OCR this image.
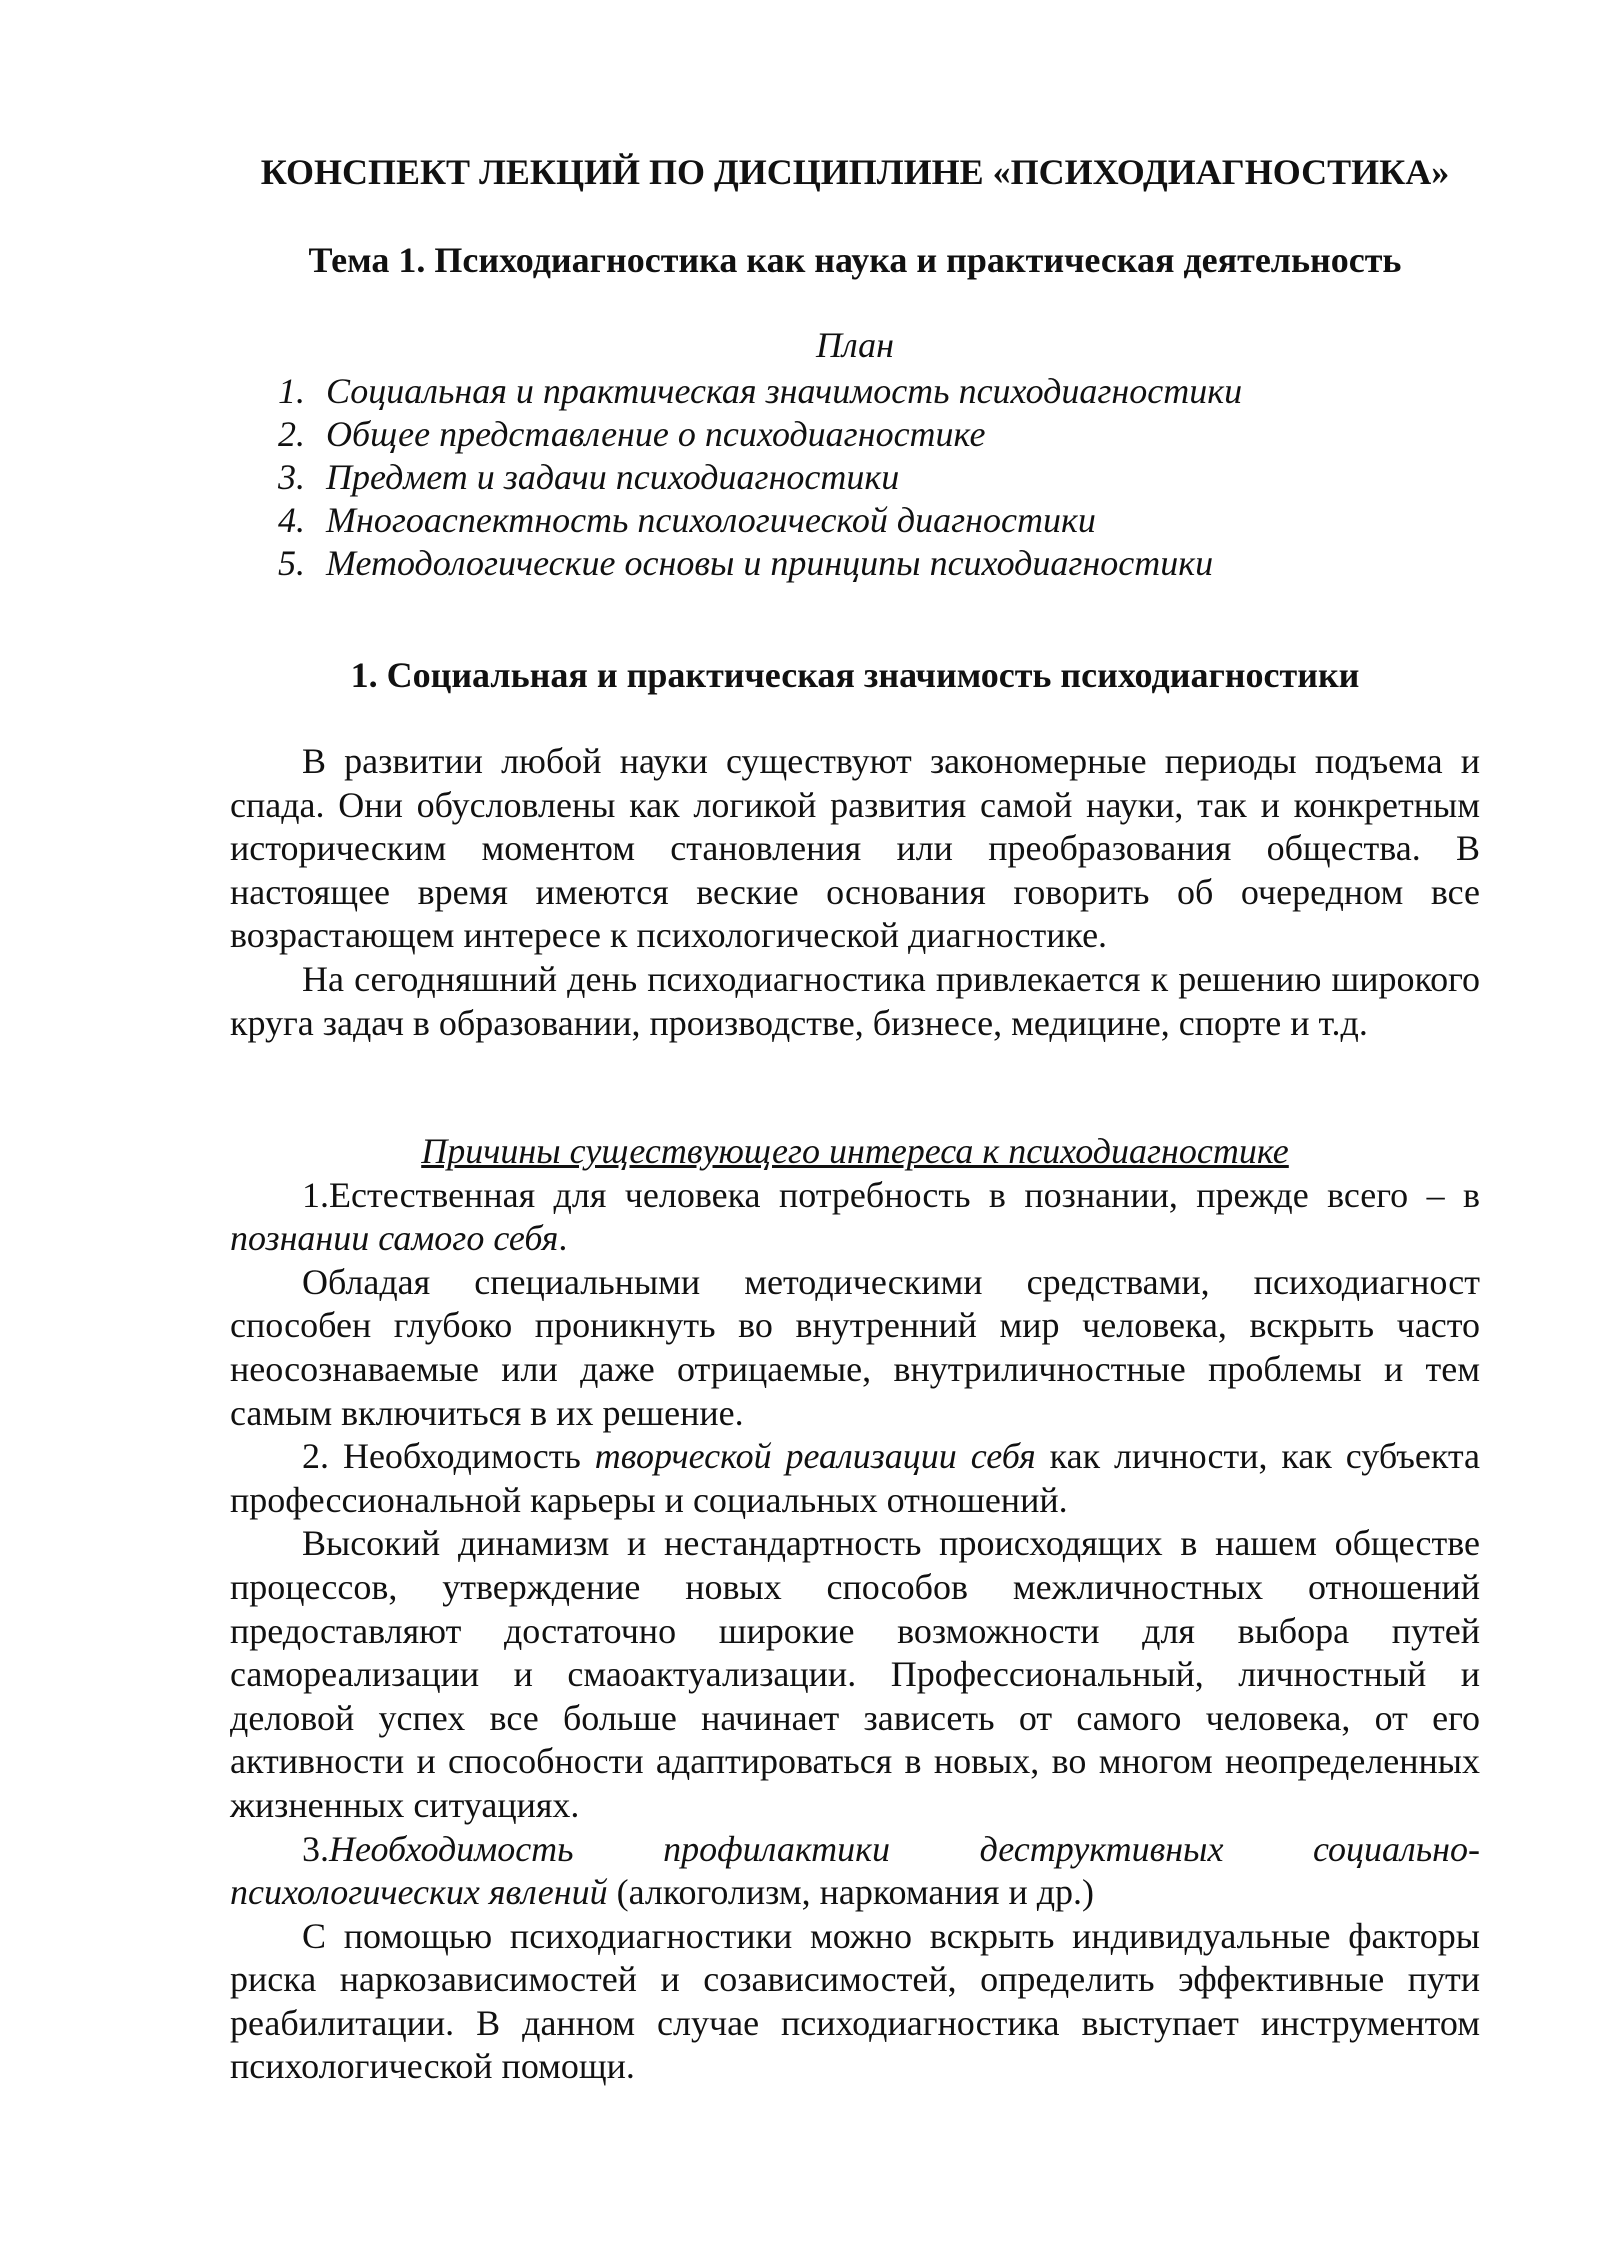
КОНСПЕКТ ЛЕКЦИЙ ПО ДИСЦИПЛИНЕ «ПСИХОДИАГНОСТИКА»
Тема 1. Психодиагностика как наука и практическая деятельность
План
1. Социальная и практическая значимость психодиагностики
2. Общее представление о психодиагностике
3. Предмет и задачи психодиагностики
4. Многоаспектность психологической диагностики
5. Методологические основы и принципы психодиагностики
1. Социальная и практическая значимость психодиагностики

В развитии любой науки существуют закономерные периоды подъема и спада. Они обусловлены как логикой развития самой науки, так и конкретным историческим моментом становления или преобразования общества. В настоящее время имеются веские основания говорить об очередном все возрастающем интересе к психологической диагностике.

На сегодняшний день психодиагностика привлекается к решению широкого круга задач в образовании, производстве, бизнесе, медицине, спорте и т.д.

Причины существующего интереса к психодиагностике

1.Естественная для человека потребность в познании, прежде всего – в познании самого себя.

Обладая специальными методическими средствами, психодиагност способен глубоко проникнуть во внутренний мир человека, вскрыть часто неосознаваемые или даже отрицаемые, внутриличностные проблемы и тем самым включиться в их решение.

2. Необходимость творческой реализации себя как личности, как субъекта профессиональной карьеры и социальных отношений.

Высокий динамизм и нестандартность происходящих в нашем обществе процессов, утверждение новых способов межличностных отношений предоставляют достаточно широкие возможности для выбора путей самореализации и смаоактуализации. Профессиональный, личностный и деловой успех все больше начинает зависеть от самого человека, от его активности и способности адаптироваться в новых, во многом неопределенных жизненных ситуациях.

3.Необходимость профилактики деструктивных социально-психологических явлений (алкоголизм, наркомания и др.)

С помощью психодиагностики можно вскрыть индивидуальные факторы риска наркозависимостей и созависимостей, определить эффективные пути реабилитации. В данном случае психодиагностика выступает инструментом психологической помощи.
